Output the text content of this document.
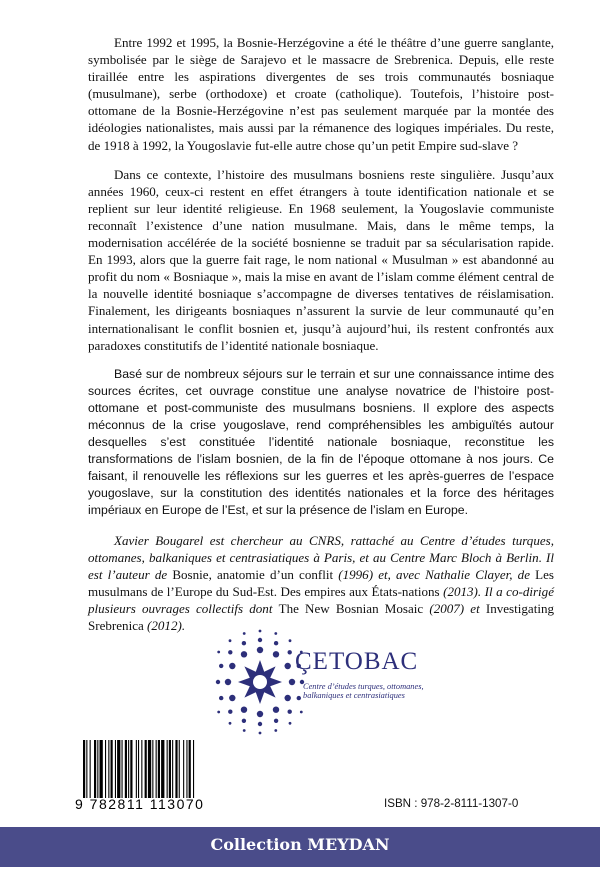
Entre 1992 et 1995, la Bosnie-Herzégovine a été le théâtre d’une guerre sanglante, symbolisée par le siège de Sarajevo et le massacre de Srebrenica. Depuis, elle reste tiraillée entre les aspirations divergentes de ses trois communautés bosniaque (musulmane), serbe (orthodoxe) et croate (catholique). Toutefois, l’histoire post-ottomane de la Bosnie-Herzégovine n’est pas seulement marquée par la montée des idéologies nationalistes, mais aussi par la rémanence des logiques impériales. Du reste, de 1918 à 1992, la Yougoslavie fut-elle autre chose qu’un petit Empire sud-slave ?

Dans ce contexte, l’histoire des musulmans bosniens reste singulière. Jusqu’aux années 1960, ceux-ci restent en effet étrangers à toute identification nationale et se replient sur leur identité religieuse. En 1968 seulement, la Yougoslavie communiste reconnaît l’existence d’une nation musulmane. Mais, dans le même temps, la modernisation accélérée de la société bosnienne se traduit par sa sécularisation rapide. En 1993, alors que la guerre fait rage, le nom national « Musulman » est abandonné au profit du nom « Bosniaque », mais la mise en avant de l’islam comme élément central de la nouvelle identité bosniaque s’accompagne de diverses tentatives de réislamisation. Finalement, les dirigeants bosniaques n’assurent la survie de leur communauté qu’en internationalisant le conflit bosnien et, jusqu’à aujourd’hui, ils restent confrontés aux paradoxes constitutifs de l’identité nationale bosniaque.

Basé sur de nombreux séjours sur le terrain et sur une connaissance intime des sources écrites, cet ouvrage constitue une analyse novatrice de l’histoire post-ottomane et post-communiste des musulmans bosniens. Il explore des aspects méconnus de la crise yougoslave, rend compréhensibles les ambiguïtés autour desquelles s’est constituée l’identité nationale bosniaque, reconstitue les transformations de l’islam bosnien, de la fin de l’époque ottomane à nos jours. Ce faisant, il renouvelle les réflexions sur les guerres et les après-guerres de l’espace yougoslave, sur la constitution des identités nationales et la force des héritages impériaux en Europe de l’Est, et sur la présence de l’islam en Europe.

Xavier Bougarel est chercheur au CNRS, rattaché au Centre d’études turques, ottomanes, balkaniques et centrasiatiques à Paris, et au Centre Marc Bloch à Berlin. Il est l’auteur de Bosnie, anatomie d’un conflit (1996) et, avec Nathalie Clayer, de Les musulmans de l’Europe du Sud-Est. Des empires aux États-nations (2013). Il a co-dirigé plusieurs ouvrages collectifs dont The New Bosnian Mosaic (2007) et Investigating Srebrenica (2012).

ÇETOBAC
Centre d’études turques, ottomanes, balkaniques et centrasiatiques
9 782811 113070	ISBN : 978-2-8111-1307-0
Collection MEYDAN
